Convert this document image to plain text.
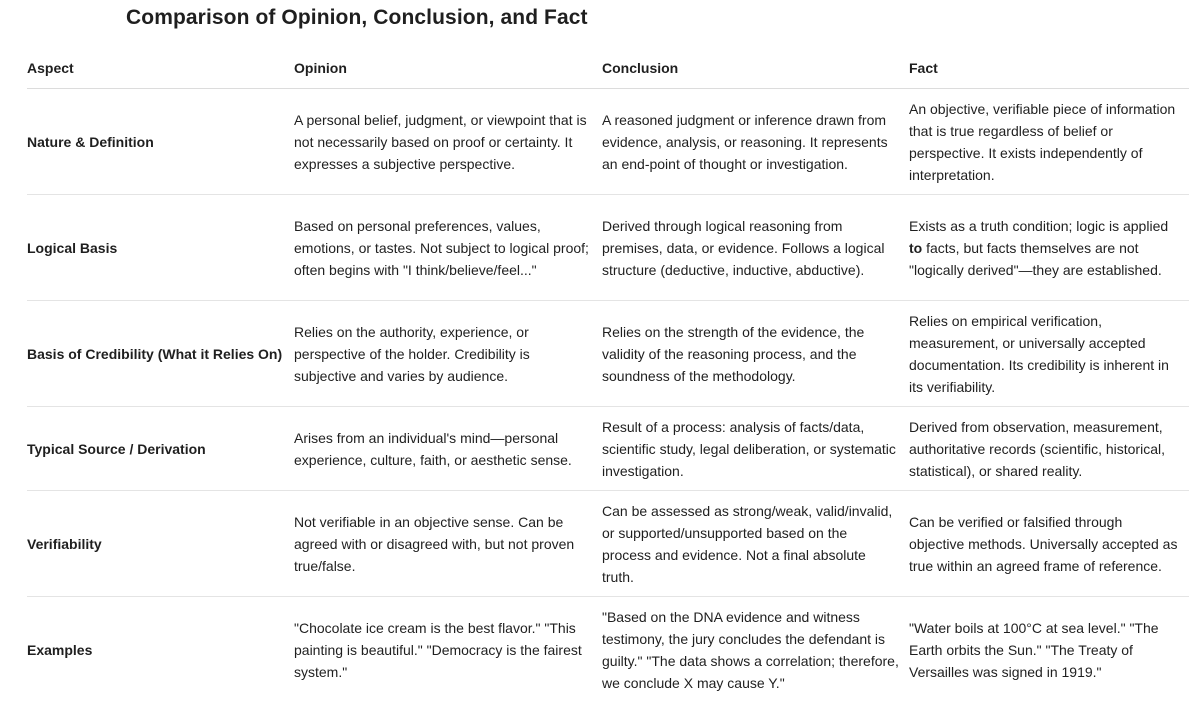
Comparison of Opinion, Conclusion, and Fact
Aspect	Opinion	Conclusion	Fact
Nature & Definition	A personal belief, judgment, or viewpoint that is not necessarily based on proof or certainty. It expresses a subjective perspective.	A reasoned judgment or inference drawn from evidence, analysis, or reasoning. It represents an end-point of thought or investigation.	An objective, verifiable piece of information that is true regardless of belief or perspective. It exists independently of interpretation.
Logical Basis	Based on personal preferences, values, emotions, or tastes. Not subject to logical proof; often begins with "I think/believe/feel..."	Derived through logical reasoning from premises, data, or evidence. Follows a logical structure (deductive, inductive, abductive).	Exists as a truth condition; logic is applied to facts, but facts themselves are not "logically derived"—they are established.
Basis of Credibility (What it Relies On)	Relies on the authority, experience, or perspective of the holder. Credibility is subjective and varies by audience.	Relies on the strength of the evidence, the validity of the reasoning process, and the soundness of the methodology.	Relies on empirical verification, measurement, or universally accepted documentation. Its credibility is inherent in its verifiability.
Typical Source / Derivation	Arises from an individual's mind—personal experience, culture, faith, or aesthetic sense.	Result of a process: analysis of facts/data, scientific study, legal deliberation, or systematic investigation.	Derived from observation, measurement, authoritative records (scientific, historical, statistical), or shared reality.
Verifiability	Not verifiable in an objective sense. Can be agreed with or disagreed with, but not proven true/false.	Can be assessed as strong/weak, valid/invalid, or supported/unsupported based on the process and evidence. Not a final absolute truth.	Can be verified or falsified through objective methods. Universally accepted as true within an agreed frame of reference.
Examples	"Chocolate ice cream is the best flavor." "This painting is beautiful." "Democracy is the fairest system."	"Based on the DNA evidence and witness testimony, the jury concludes the defendant is guilty." "The data shows a correlation; therefore, we conclude X may cause Y."	"Water boils at 100°C at sea level." "The Earth orbits the Sun." "The Treaty of Versailles was signed in 1919."
